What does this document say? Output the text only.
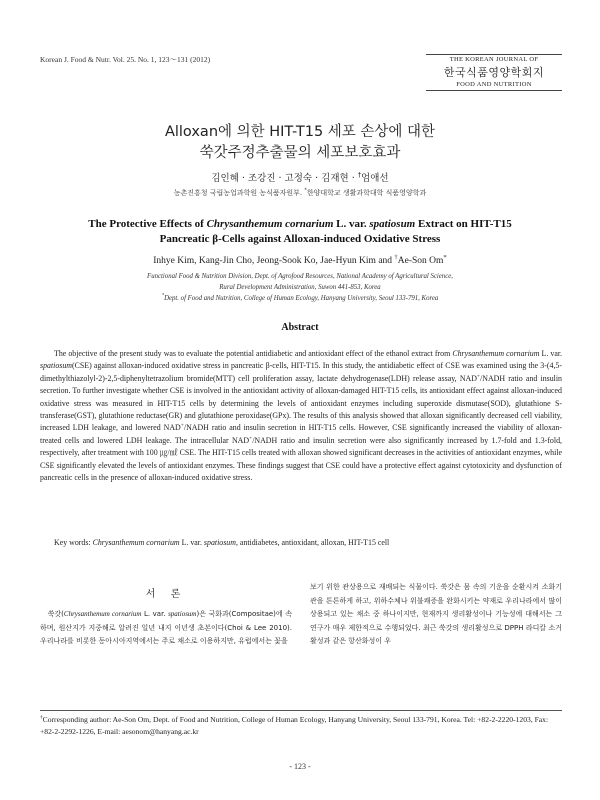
Korean J. Food & Nutr. Vol. 25. No. 1, 123～131 (2012)	THE KOREAN JOURNAL OF
한국식품영양학회지
FOOD AND NUTRITION
Alloxan에 의한 HIT-T15 세포 손상에 대한
쑥갓주정추출물의 세포보호효과
김인혜 · 조강진 · 고정숙 · 김재현 · †엄애선
농촌진흥청 국립농업과학원 농식품자원부. *한양대학교 생활과학대학 식품영양학과
The Protective Effects of Chrysanthemum cornarium L. var. spatiosum Extract on HIT-T15
Pancreatic β-Cells against Alloxan-induced Oxidative Stress
Inhye Kim, Kang-Jin Cho, Jeong-Sook Ko, Jae-Hyun Kim and †Ae-Son Om*
Functional Food & Nutrition Division, Dept. of Agrofood Resources, National Academy of Agricultural Science,
Rural Development Administration, Suwon 441-853, Korea
*Dept. of Food and Nutrition, College of Human Ecology, Hanyang University, Seoul 133-791, Korea
Abstract

The objective of the present study was to evaluate the potential antidiabetic and antioxidant effect of the ethanol extract from Chrysanthemum cornarium L. var. spatiosum(CSE) against alloxan-induced oxidative stress in pancreatic β-cells, HIT-T15. In this study, the antidiabetic effect of CSE was examined using the 3-(4,5-dimethylthiazolyl-2)-2,5-diphenyltetrazolium bromide(MTT) cell proliferation assay, lactate dehydrogenase(LDH) release assay, NAD+/NADH ratio and insulin secretion. To further investigate whether CSE is involved in the antioxidant activity of alloxan-damaged HIT-T15 cells, its antioxidant effect against alloxan-induced oxidative stress was measured in HIT-T15 cells by determining the levels of antioxidant enzymes including superoxide dismutase(SOD), glutathione S-transferase(GST), glutathione reductase(GR) and glutathione peroxidase(GPx). The results of this analysis showed that alloxan significantly decreased cell viability, increased LDH leakage, and lowered NAD+/NADH ratio and insulin secretion in HIT-T15 cells. However, CSE significantly increased the viability of alloxan-treated cells and lowered LDH leakage. The intracellular NAD+/NADH ratio and insulin secretion were also significantly increased by 1.7-fold and 1.3-fold, respectively, after treatment with 100 ㎍/㎖ CSE. The HIT-T15 cells treated with alloxan showed significant decreases in the activities of antioxidant enzymes, while CSE significantly elevated the levels of antioxidant enzymes. These findings suggest that CSE could have a protective effect against cytotoxicity and dysfunction of pancreatic cells in the presence of alloxan-induced oxidative stress.

Key words: Chrysanthemum cornarium L. var. spatiosum, antidiabetes, antioxidant, alloxan, HIT-T15 cell

서 론

쑥갓(Chrysanthemum cornarium L. var. spatiosum)은 국화과(Compositae)에 속하며, 원산지가 지중해로 알려진 일년 내지 이년생 초본이다(Choi & Lee 2010). 우리나라를 비롯한 동아시아지역에서는 주로 채소로 이용하지만, 유럽에서는 꽃을

보기 위한 관상용으로 재배되는 식물이다. 쑥갓은 몸 속의 기운을 순환시켜 소화기관을 튼튼하게 하고, 위하수체나 위불쾌증을 완화시키는 약재로 우리나라에서 많이 상용되고 있는 채소 중 하나이지만, 현재까지 생리활성이나 기능성에 대해서는 그 연구가 매우 제한적으로 수행되었다. 최근 쑥갓의 생리활성으로 DPPH 라디칼 소거활성과 같은 항산화성이 우

†Corresponding author: Ae-Son Om, Dept. of Food and Nutrition, College of Human Ecology, Hanyang University, Seoul 133-791, Korea. Tel: +82-2-2220-1203, Fax: +82-2-2292-1226, E-mail: aesonom@hanyang.ac.kr

- 123 -
